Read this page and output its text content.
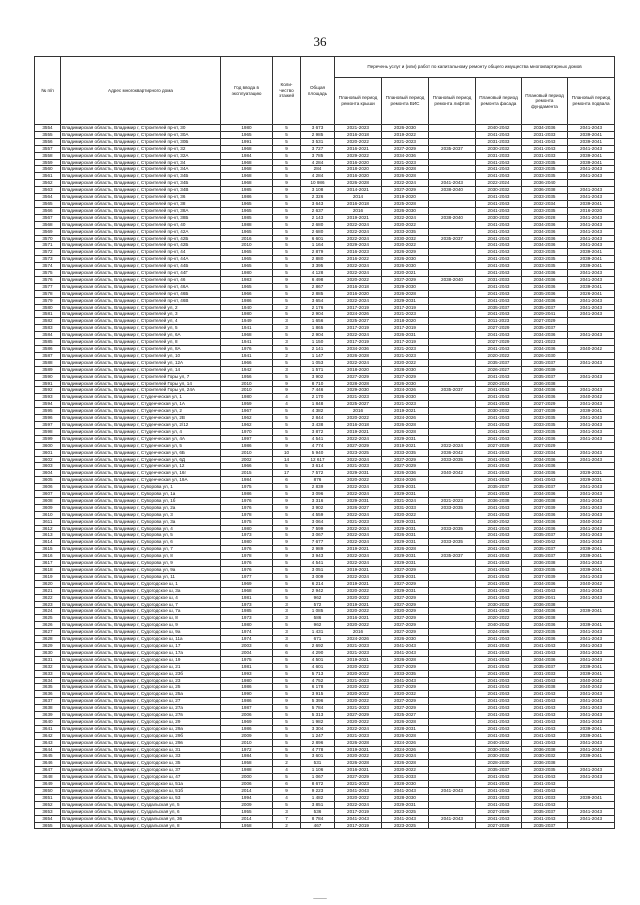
36
№ п/п	Адрес многоквартирного дома	Год ввода в эксплуатацию	Коли-чество этажей	Общая площадь	Перечень услуг и (или) работ по капитальному ремонту общего имущества многоквартирных домов					
					Плановый период ремонта крыши	Плановый период ремонта ВИС	Плановый период ремонта лифтов	Плановый период ремонта фасада	Плановый период ремонта фундамента	Плановый период ремонта подвала
3554	Владимирская область, Владимир г, Строителей пр-кт, 30	1980	5	3 673	2021-2023	2026-2030		2040-2042	2034-2036	2041-2043
3555	Владимирская область, Владимир г, Строителей пр-кт, 30А	1965	5	2 985	2016-2018	2019-2022		2041-2043	2031-2033	2039-2041
3556	Владимирская область, Владимир г, Строителей пр-кт, 30Б	1991	5	3 531	2020-2022	2021-2023		2031-2033	2041-2043	2039-2041
3557	Владимирская область, Владимир г, Строителей пр-кт, 32	1968	9	3 727	2016-2021	2027-2029	2035-2037	2030-2032	2041-2043	2041-2043
3558	Владимирская область, Владимир г, Строителей пр-кт, 32А	1984	5	3 785	2029-2022	2034-2036		2031-2033	2031-2033	2039-2041
3559	Владимирская область, Владимир г, Строителей пр-кт, 34	1968	5	4 284	2016-2020	2021-2023		2041-2043	2033-2035	2039-2041
3560	Владимирская область, Владимир г, Строителей пр-кт, 34А	1968	5	284	2018-2020	2026-2028		2041-2043	2033-2035	2041-2043
3561	Владимирская область, Владимир г, Строителей пр-кт, 34Б	1968	5	4 284	2016-2020	2026-2028		2041-2043	2033-2035	2041-2043
3562	Владимирская область, Владимир г, Строителей пр-кт, 34Б	1968	9	10 986	2026-2028	2022-2024	2041-2043	2022-2024	2036-2040	
3563	Владимирская область, Владимир г, Строителей пр-кт, 34В	1985	9	3 108	2014-2021	2027-2029	2038-2040	2030-2032	2036-2038	2041-2043
3564	Владимирская область, Владимир г, Строителей пр-кт, 36	1986	5	2 326	2014	2019-2020		2041-2043	2033-2035	2041-2043
3565	Владимирская область, Владимир г, Строителей пр-кт, 38	1965	5	3 643	2016-2018	2025-2028		2041-2043	2032-2034	2039-2041
3566	Владимирская область, Владимир г, Строителей пр-кт, 38А	1965	5	2 637	2016	2026-2030		2041-2043	2033-2035	2016-2020
3567	Владимирская область, Владимир г, Строителей пр-кт, 38Б	1985	9	2 143	2019-2021	2022-2024	2038-2040	2030-2032	2026-2028	2041-2043
3568	Владимирская область, Владимир г, Строителей пр-кт, 40	1988	5	2 680	2022-2024	2020-2022		2041-2043	2034-2036	2041-2043
3569	Владимирская область, Владимир г, Строителей пр-кт, 42А	1965	5	2 680	2022-2024	2033-2035		2041-2043	2034-2036	2041-2043
3570	Владимирская область, Владимир г, Строителей пр-кт, 42Б	2016	9	6 601	2022-2024	2030-2032	2035-2037	2041-2043	2034-2036	2041-2043
3571	Владимирская область, Владимир г, Строителей пр-кт, 42Б	2010	5	1 164	2029-2024	2020-2022		2041-2043	2034-2036	2041-2043
3572	Владимирская область, Владимир г, Строителей пр-кт, 44	1965	5	2 879	2016-2023	2026-2029		2041-2043	2033-2035	2039-2041
3573	Владимирская область, Владимир г, Строителей пр-кт, 44А	1965	5	2 880	2016-2022	2026-2030		2041-2043	2033-2035	2039-2041
3574	Владимирская область, Владимир г, Строителей пр-кт, 44Б	1965	5	3 395	2022-2024	2026-2030		2041-2043	2033-2035	2039-2041
3575	Владимирская область, Владимир г, Строителей пр-кт, 44Г	1980	5	4 128	2022-2024	2020-2021		2041-2043	2034-2036	2041-2043
3576	Владимирская область, Владимир г, Строителей пр-кт, 46	1983	9	6 498	2020-2022	2027-2029	2038-2040	2031-2033	2034-2036	2041-2043
3577	Владимирская область, Владимир г, Строителей пр-кт, 46А	1965	5	2 867	2016-2018	2029-2030		2041-2043	2034-2036	2039-2041
3578	Владимирская область, Владимир г, Строителей пр-кт, 46Б	1966	5	2 885	2016-2020	2026-2028		2041-2043	2035-2036	2026-2041
3579	Владимирская область, Владимир г, Строителей пр-кт, 46В	1986	5	3 654	2022-2024	2029-2031		2041-2043	2034-2036	2041-2043
3580	Владимирская область, Владимир г, Строителей ул, 2	1940	2	2 176	2017-2019	2017-2019		2035-2037	2035-2037	2041-2043
3581	Владимирская область, Владимир г, Строителей ул, 3	1980	5	2 904	2024-2026	2021-2023		2041-2043	2029-2041	2041-2043
3582	Владимирская область, Владимир г, Строителей ул, 4	1949	3	1 656	2025-2027	2018-2020		2011-2023	2027-2029	
3583	Владимирская область, Владимир г, Строителей ул, 5	1941	3	1 865	2017-2019	2017-2019		2027-2029	2035-2037	
3584	Владимирская область, Владимир г, Строителей ул, 6А	1968	5	2 904	2022-2024	2026-2031		2041-2043	2034-2036	2041-2043
3585	Владимирская область, Владимир г, Строителей ул, 8	1941	3	1 150	2017-2019	2017-2019		2027-2029	2021-2023	
3586	Владимирская область, Владимир г, Строителей ул, 8А	1976	5	2 141	2034-2036	2021-2023		2041-2043	2034-2036	2040-2042
3587	Владимирская область, Владимир г, Строителей ул, 10	1941	2	1 147	2026-2028	2021-2023		2020-2022	2026-2030	
3588	Владимирская область, Владимир г, Строителей ул, 12А	1966	5	1 053	2022-2024	2020-2022		2035-2037	2035-2037	2041-2043
3589	Владимирская область, Владимир г, Строителей ул, 14	1942	3	1 571	2018-2020	2028-2030		2026-2027	2036-2039	
3590	Владимирская область, Владимир г, Строителей Горы ул, 7	1956	5	3 902	2027-2029	2027-2029		2041-2043	2035-2037	2041-2043
3591	Владимирская область, Владимир г, Строителей Горы ул, 14	2010	9	8 710	2028-2028	2026-2030		2020-2024	2036-2038	
3592	Владимирская область, Владимир г, Строителей Горы ул, 24А	2010	9	7 446	2029-2030	2024-2026	2035-2037	2041-2043	2034-2036	2041-2043
3593	Владимирская область, Владимир г, Студенческая ул, 1	1980	4	2 170	2021-2023	2026-2030		2041-2043	2034-2036	2040-2042
3594	Владимирская область, Владимир г, Студенческая ул, 1А	1959	4	1 848	2025-2027	2021-2023		2041-2043	2027-2029	2041-2043
3595	Владимирская область, Владимир г, Студенческая ул, 2	1967	5	4 382	2016	2019-2021		2030-2032	2037-2039	2039-2041
3596	Владимирская область, Владимир г, Студенческая ул, 2В	1962	5	2 844	2020-2022	2024-2026		2041-2043	2033-2035	2041-2043
3597	Владимирская область, Владимир г, Студенческая ул, 2/12	1962	5	3 438	2016-2018	2026-2028		2041-2043	2033-2035	2041-2043
3598	Владимирская область, Владимир г, Студенческая ул, 4	1970	5	3 872	2019-2021	2026-2028		2041-2043	2033-2035	2041-2043
3599	Владимирская область, Владимир г, Студенческая ул, 4А	1997	5	4 541	2022-2024	2029-2031		2041-2043	2034-2036	2041-2043
3600	Владимирская область, Владимир г, Студенческая ул, 5	1986	9	4 774	2027-2029	2019-2021	2022-2024	2027-2029	2027-2029	
3601	Владимирская область, Владимир г, Студенческая ул, 6Б	2010	10	5 940	2023-2025	2033-2035	2036-2042	2041-2043	2032-2034	2041-2043
3602	Владимирская область, Владимир г, Студенческая ул, 6Д	2002	14	12 617	2022-2024	2027-2029	2033-2035	2041-2043	2034-2036	2041-2043
3603	Владимирская область, Владимир г, Студенческая ул, 12	1966	5	3 614	2021-2023	2027-2029		2041-2043	2034-2036	
3604	Владимирская область, Владимир г, Студенческая ул, 16г	2015	17	7 572	2029-2031	2026-2036	2040-2042	2041-2043	2034-2036	2029-2031
3605	Владимирская область, Владимир г, Студенческая ул, 19А	1984	6	876	2020-2022	2024-2026		2041-2043	2041-2043	2029-2031
3606	Владимирская область, Владимир г, Суворова ул, 1	1975	5	2 839	2022-2024	2029-2031		2035-2037	2035-2037	2041-2043
3607	Владимирская область, Владимир г, Суворова ул, 1а	1986	5	3 096	2022-2024	2029-2031		2041-2043	2034-2036	2041-2043
3608	Владимирская область, Владимир г, Суворова ул, 1б	1976	9	3 316	2029-2031	2021-2024	2021-2023	2036-2038	2036-2038	2041-2043
3609	Владимирская область, Владимир г, Суворова ул, 2а	1976	9	3 902	2026-2027	2031-2033	2033-2035	2041-2043	2037-2039	2041-2043
3610	Владимирская область, Владимир г, Суворова ул, 3	1978	5	4 559	2022-2024	2020-2022		2041-2043	2034-2036	2041-2043
3611	Владимирская область, Владимир г, Суворова ул, 3а	1975	5	3 064	2021-2023	2029-2031		2040-2042	2034-2036	2040-2042
3612	Владимирская область, Владимир г, Суворова ул, 4	1980	9	7 599	2022-2024	2029-2031	2033-2035	2041-2043	2034-2036	2041-2043
3613	Владимирская область, Владимир г, Суворова ул, 5	1973	5	3 067	2022-2024	2026-2031		2041-2043	2035-2037	2041-2043
3614	Владимирская область, Владимир г, Суворова ул, 6	1980	9	7 677	2022-2024	2029-2031	2033-2035	2041-2043	2040-2042	2041-2043
3615	Владимирская область, Владимир г, Суворова ул, 7	1976	5	2 989	2019-2021	2026-2028		2041-2043	2035-2037	2039-2041
3616	Владимирская область, Владимир г, Суворова ул, 8	1978	9	3 943	2022-2024	2029-2031	2035-2037	2041-2043	2035-2037	2039-2041
3617	Владимирская область, Владимир г, Суворова ул, 9	1976	5	4 541	2022-2024	2029-2031		2041-2043	2036-2038	2041-2043
3618	Владимирская область, Владимир г, Суворова ул, 9а	1976	5	3 051	2019-2021	2027-2029		2041-2043	2033-2035	2039-2041
3619	Владимирская область, Владимир г, Суворова ул, 11	1977	5	3 009	2022-2024	2029-2031		2041-2043	2037-2039	2041-2043
3620	Владимирская область, Владимир г, Судогодское ш, 1	1969	5	6 214	2019-2021	2027-2029		2041-2043	2034-2036	2040-2042
3621	Владимирская область, Владимир г, Судогодское ш, 3а	1968	5	2 942	2020-2022	2029-2031		2041-2043	2041-2043	2041-2043
3622	Владимирская область, Владимир г, Судогодское ш, 4	1981	5	962	2020-2022	2027-2029		2041-2043	2039-2041	2041-2043
3623	Владимирская область, Владимир г, Судогодское ш, 7	1973	3	572	2019-2021	2027-2029		2030-2032	2036-2038	
3624	Владимирская область, Владимир г, Судогодское ш, 7а	1985	3	1 085	2020-2022	2020-2029		2041-2043	2034-2036	2039-2041
3625	Владимирская область, Владимир г, Судогодское ш, 8	1973	3	586	2016-2021	2027-2029		2020-2022	2036-2038	
3626	Владимирская область, Владимир г, Судогодское ш, 9	1980	5	962	2020-2022	2027-2029		2040-2042	2034-2036	2039-2041
3627	Владимирская область, Владимир г, Судогодское ш, 9а	1974	3	1 431	2016	2027-2029		2024-2026	2023-2035	2041-2043
3628	Владимирская область, Владимир г, Судогодское ш, 11а	1974	3	671	2024-2026	2026-2030		2041-2043	2034-2036	2041-2043
3629	Владимирская область, Владимир г, Судогодское ш, 17	2003	6	2 692	2021-2023	2041-2043		2041-2043	2041-2043	2041-2043
3630	Владимирская область, Владимир г, Судогодское ш, 17а	2004	6	4 290	2021-2023	2041-2043		2041-2043	2041-2043	2041-2043
3631	Владимирская область, Владимир г, Судогодское ш, 19	1975	5	4 501	2019-2021	2026-2028		2041-2043	2034-2036	2041-2043
3632	Владимирская область, Владимир г, Судогодское ш, 21	1981	5	4 601	2020-2022	2027-2029		2041-2043	2035-2037	2039-2041
3633	Владимирская область, Владимир г, Судогодское ш, 23б	1993	5	5 713	2020-2022	2033-2035		2041-2043	2031-2033	2039-2041
3634	Владимирская область, Владимир г, Судогодское ш, 23	1980	5	4 752	2021-2023	2041-2043		2041-2043	2041-2043	2040-2042
3635	Владимирская область, Владимир г, Судогодское ш, 25	1986	5	6 178	2020-2022	2027-2029		2041-2043	2036-2038	2040-2042
3636	Владимирская область, Владимир г, Судогодское ш, 25а	1990	5	3 915	2020-2022	2020-2032		2041-2043	2041-2043	2041-2043
3637	Владимирская область, Владимир г, Судогодское ш, 27	1986	9	5 396	2020-2022	2027-2029		2041-2043	2041-2043	2041-2043
3638	Владимирская область, Владимир г, Судогодское ш, 27а	1987	5	5 784	2021-2023	2027-2029		2041-2043	2041-2043	2041-2043
3639	Владимирская область, Владимир г, Судогодское ш, 27в	2006	5	5 313	2027-2029	2025-2027		2041-2043	2041-2043	2041-2043
3640	Владимирская область, Владимир г, Судогодское ш, 29	1969	5	1 982	2020-2022	2026-2028		2041-2043	2041-2043	2041-2043
3641	Владимирская область, Владимир г, Судогодское ш, 29а	1986	5	3 304	2022-2024	2028-2031		2041-2043	2041-2043	2039-2041
3642	Владимирская область, Владимир г, Судогодское ш, 29б	2009	5	1 247	2021-2023	2026-2028		2041-2043	2041-2043	2039-2041
3643	Владимирская область, Владимир г, Судогодское ш, 29в	2010	5	2 896	2026-2028	2024-2026		2040-2042	2041-2043	2041-2043
3644	Владимирская область, Владимир г, Судогодское ш, 31	1972	5	4 778	2019-2021	2024-2026		2030-2034	2036-2038	2041-2043
3645	Владимирская область, Владимир г, Судогодское ш, 33	1984	5	3 601	2020-2022	2022-2024		2030-2032	2030-2032	2039-2041
3646	Владимирская область, Владимир г, Судогодское ш, 35	1958	2	531	2026-2028	2026-2028		2028-2030	2036-2038	
3647	Владимирская область, Владимир г, Судогодское ш, 37	1988	4	1 106	2016-2021	2020-2022		2035-2037	2033-2035	2041-2043
3648	Владимирская область, Владимир г, Судогодское ш, 47	2000	5	1 067	2027-2029	2031-2033		2041-2043	2041-2043	2041-2043
3649	Владимирская область, Владимир г, Судогодское ш, 51а	2006	6	8 672	2021-2023	2028-2030		2041-2043	2041-2043	
3650	Владимирская область, Владимир г, Судогодское ш, 51б	2014	9	9 223	2041-2043	2041-2043	2041-2043	2041-2043	2041-2043	
3651	Владимирская область, Владимир г, Судогодское ш, 53	1994	4	1 482	2020-2022	2028-2030		2031-2033	2031-2033	2039-2041
3652	Владимирская область, Владимир г, Суздальская ул, 5	2009	5	3 851	2022-2024	2029-2031		2041-2043	2041-2043	
3653	Владимирская область, Владимир г, Суздальская ул, 6	1955	3	536	2017-2019	2023-2025		2027-2029	2035-2037	2041-2043
3654	Владимирская область, Владимир г, Суздальская ул, 36	2014	7	8 784	2041-2043	2041-2043	2041-2043	2041-2043	2041-2043	2041-2043
3655	Владимирская область, Владимир г, Суздальская ул, 8	1958	2	467	2017-2019	2023-2025		2027-2029	2035-2037	
____
